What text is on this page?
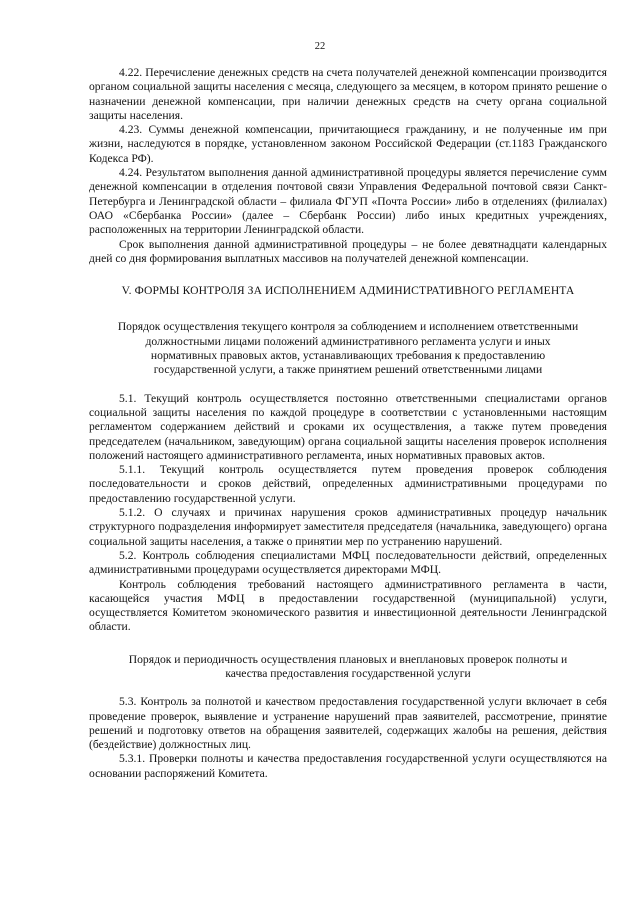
22

4.22. Перечисление денежных средств на счета получателей денежной компенсации производится органом социальной защиты населения с месяца, следующего за месяцем, в котором принято решение о назначении денежной компенсации, при наличии денежных средств на счету органа социальной защиты населения.

4.23. Суммы денежной компенсации, причитающиеся гражданину, и не полученные им при жизни, наследуются в порядке, установленном законом Российской Федерации (ст.1183 Гражданского Кодекса РФ).

4.24. Результатом выполнения данной административной процедуры является перечисление сумм денежной компенсации в отделения почтовой связи Управления Федеральной почтовой связи Санкт-Петербурга и Ленинградской области – филиала ФГУП «Почта России» либо в отделениях (филиалах) ОАО «Сбербанка России» (далее – Сбербанк России) либо иных кредитных учреждениях, расположенных на территории Ленинградской области.

Срок выполнения данной административной процедуры – не более девятнадцати календарных дней со дня формирования выплатных массивов на получателей денежной компенсации.

V. ФОРМЫ КОНТРОЛЯ ЗА ИСПОЛНЕНИЕМ АДМИНИСТРАТИВНОГО РЕГЛАМЕНТА

Порядок осуществления текущего контроля за соблюдением и исполнением ответственными должностными лицами положений административного регламента услуги и иных нормативных правовых актов, устанавливающих требования к предоставлению государственной услуги, а также принятием решений ответственными лицами

5.1. Текущий контроль осуществляется постоянно ответственными специалистами органов социальной защиты населения по каждой процедуре в соответствии с установленными настоящим регламентом содержанием действий и сроками их осуществления, а также путем проведения председателем (начальником, заведующим) органа социальной защиты населения проверок исполнения положений настоящего административного регламента, иных нормативных правовых актов.

5.1.1. Текущий контроль осуществляется путем проведения проверок соблюдения последовательности и сроков действий, определенных административными процедурами по предоставлению государственной услуги.

5.1.2. О случаях и причинах нарушения сроков административных процедур начальник структурного подразделения информирует заместителя председателя (начальника, заведующего) органа социальной защиты населения, а также о принятии мер по устранению нарушений.

5.2. Контроль соблюдения специалистами МФЦ последовательности действий, определенных административными процедурами осуществляется директорами МФЦ.

Контроль соблюдения требований настоящего административного регламента в части, касающейся участия МФЦ в предоставлении государственной (муниципальной) услуги, осуществляется Комитетом экономического развития и инвестиционной деятельности Ленинградской области.

Порядок и периодичность осуществления плановых и внеплановых проверок полноты и качества предоставления государственной услуги

5.3. Контроль за полнотой и качеством предоставления государственной услуги включает в себя проведение проверок, выявление и устранение нарушений прав заявителей, рассмотрение, принятие решений и подготовку ответов на обращения заявителей, содержащих жалобы на решения, действия (бездействие) должностных лиц.

5.3.1. Проверки полноты и качества предоставления государственной услуги осуществляются на основании распоряжений Комитета.
